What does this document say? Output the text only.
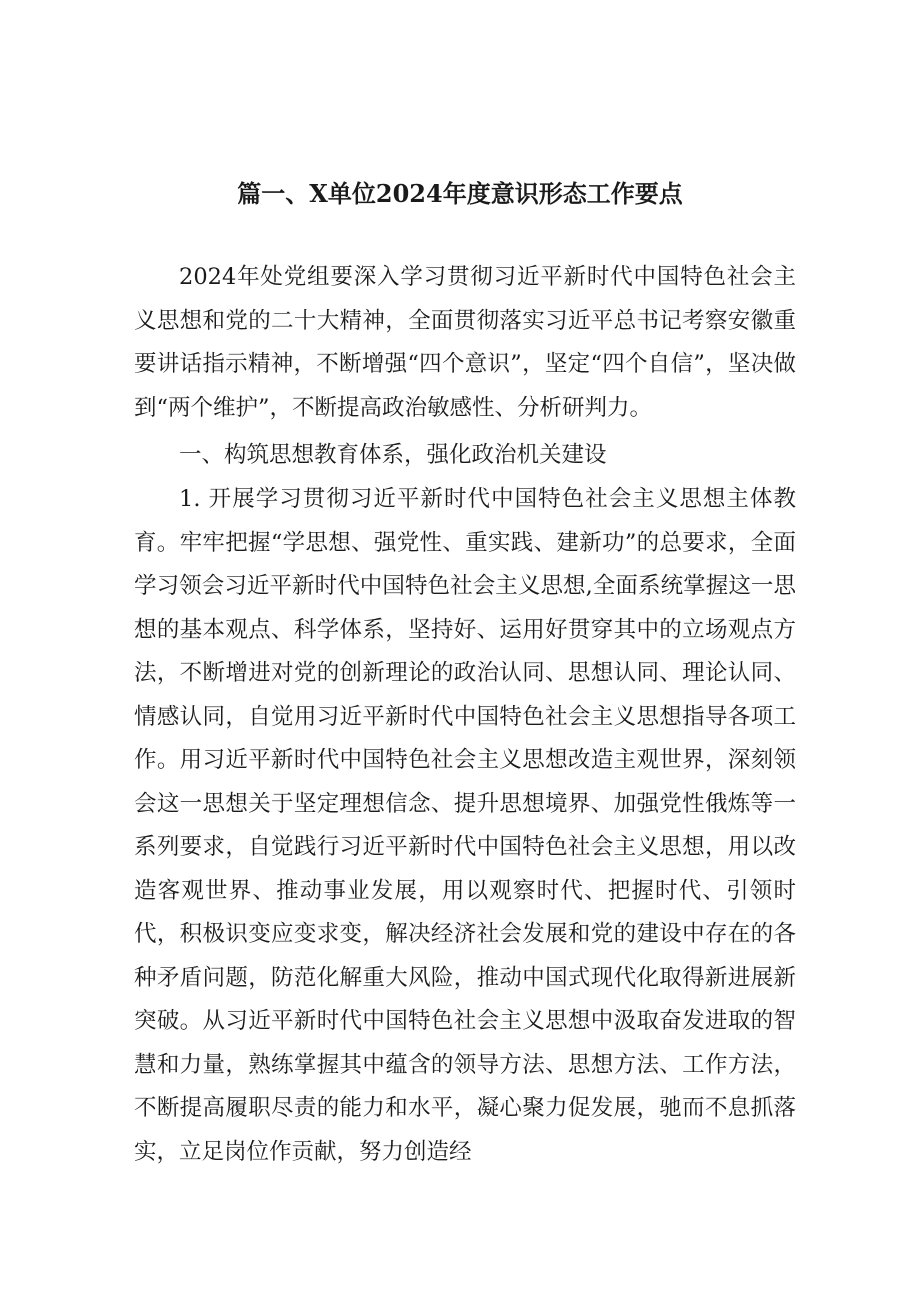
篇一、X单位2024年度意识形态工作要点

2024年处党组要深入学习贯彻习近平新时代中国特色社会主义思想和党的二十大精神，全面贯彻落实习近平总书记考察安徽重要讲话指示精神，不断增强“四个意识”，坚定“四个自信”，坚决做到“两个维护”，不断提高政治敏感性、分析研判力。

一、构筑思想教育体系，强化政治机关建设

1. 开展学习贯彻习近平新时代中国特色社会主义思想主体教育。牢牢把握“学思想、强党性、重实践、建新功”的总要求，全面学习领会习近平新时代中国特色社会主义思想,全面系统掌握这一思想的基本观点、科学体系，坚持好、运用好贯穿其中的立场观点方法，不断增进对党的创新理论的政治认同、思想认同、理论认同、情感认同，自觉用习近平新时代中国特色社会主义思想指导各项工作。用习近平新时代中国特色社会主义思想改造主观世界，深刻领会这一思想关于坚定理想信念、提升思想境界、加强党性俄炼等一系列要求，自觉践行习近平新时代中国特色社会主义思想，用以改造客观世界、推动事业发展，用以观察时代、把握时代、引领时代，积极识变应变求变，解决经济社会发展和党的建设中存在的各种矛盾问题，防范化解重大风险，推动中国式现代化取得新进展新突破。从习近平新时代中国特色社会主义思想中汲取奋发进取的智慧和力量，熟练掌握其中蕴含的领导方法、思想方法、工作方法，不断提高履职尽责的能力和水平，凝心聚力促发展，驰而不息抓落实，立足岗位作贡献，努力创造经
